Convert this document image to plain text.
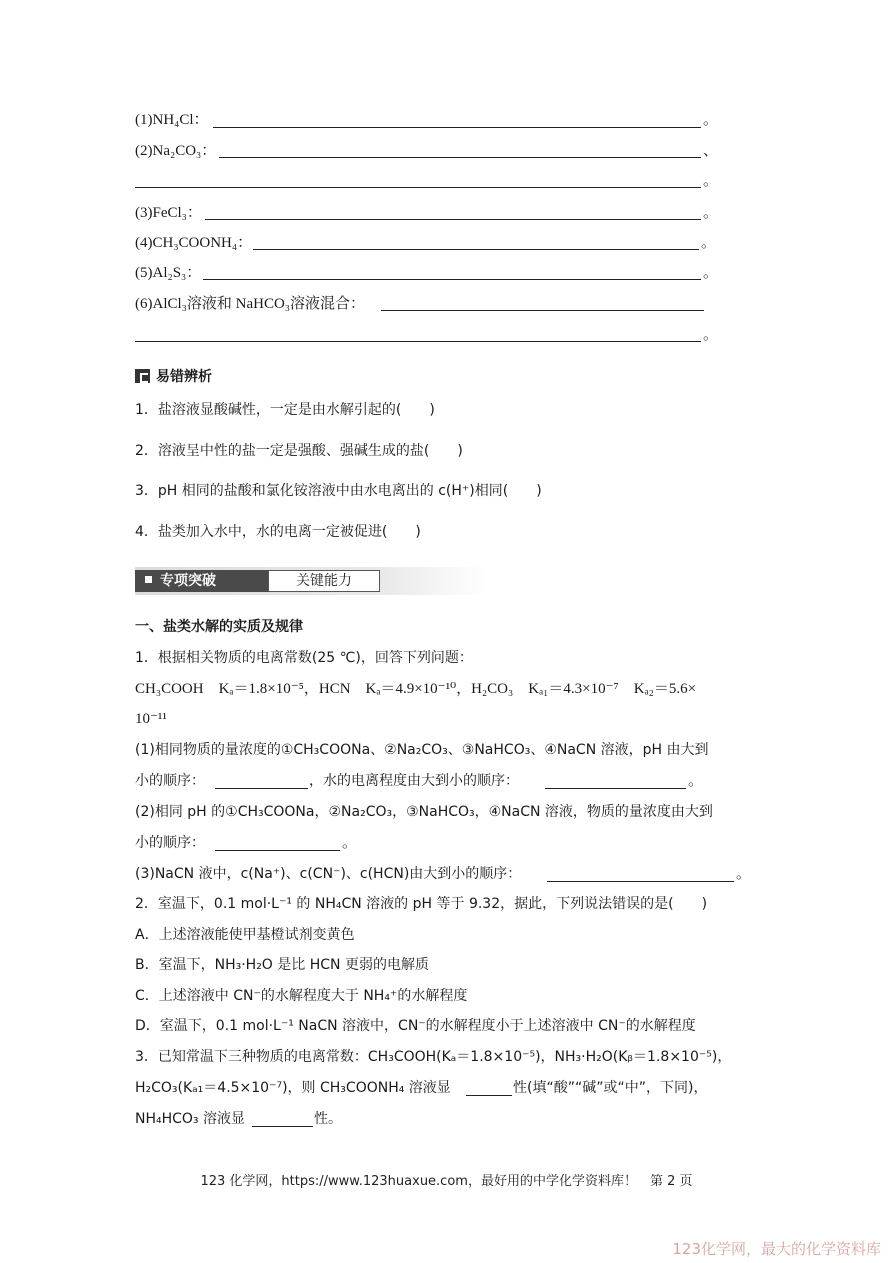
(1)NH₄Cl：	。
(2)Na₂CO₃：	、
。
(3)FeCl₃：	。
(4)CH₃COONH₄：	。
(5)Al₂S₃：	。
(6)AlCl₃溶液和 NaHCO₃溶液混合：
。
易错辨析
1．盐溶液显酸碱性，一定是由水解引起的(　　)
2．溶液呈中性的盐一定是强酸、强碱生成的盐(　　)
3．pH 相同的盐酸和氯化铵溶液中由水电离出的 c(H⁺)相同(　　)
4．盐类加入水中，水的电离一定被促进(　　)
专项突破	关键能力
一、盐类水解的实质及规律
1．根据相关物质的电离常数(25 ℃)，回答下列问题：
CH₃COOH　Kₐ＝1.8×10⁻⁵，HCN　Kₐ＝4.9×10⁻¹⁰，H₂CO₃　Kₐ₁＝4.3×10⁻⁷　Kₐ₂＝5.6×
10⁻¹¹
(1)相同物质的量浓度的①CH₃COONa、②Na₂CO₃、③NaHCO₃、④NaCN 溶液，pH 由大到
小的顺序：	，水的电离程度由大到小的顺序：	。
(2)相同 pH 的①CH₃COONa，②Na₂CO₃，③NaHCO₃，④NaCN 溶液，物质的量浓度由大到
小的顺序：	。
(3)NaCN 液中，c(Na⁺)、c(CN⁻)、c(HCN)由大到小的顺序：	。
2．室温下，0.1 mol·L⁻¹ 的 NH₄CN 溶液的 pH 等于 9.32，据此，下列说法错误的是(　　)
A．上述溶液能使甲基橙试剂变黄色
B．室温下，NH₃·H₂O 是比 HCN 更弱的电解质
C．上述溶液中 CN⁻的水解程度大于 NH₄⁺的水解程度
D．室温下，0.1 mol·L⁻¹ NaCN 溶液中，CN⁻的水解程度小于上述溶液中 CN⁻的水解程度
3．已知常温下三种物质的电离常数：CH₃COOH(Kₐ＝1.8×10⁻⁵)，NH₃·H₂O(Kᵦ＝1.8×10⁻⁵)，
H₂CO₃(Kₐ₁＝4.5×10⁻⁷)，则 CH₃COONH₄ 溶液显	性(填“酸”“碱”或“中”，下同)，
NH₄HCO₃ 溶液显	性。
123 化学网，https://www.123huaxue.com，最好用的中学化学资料库！　第 2 页
123化学网，最大的化学资料库
